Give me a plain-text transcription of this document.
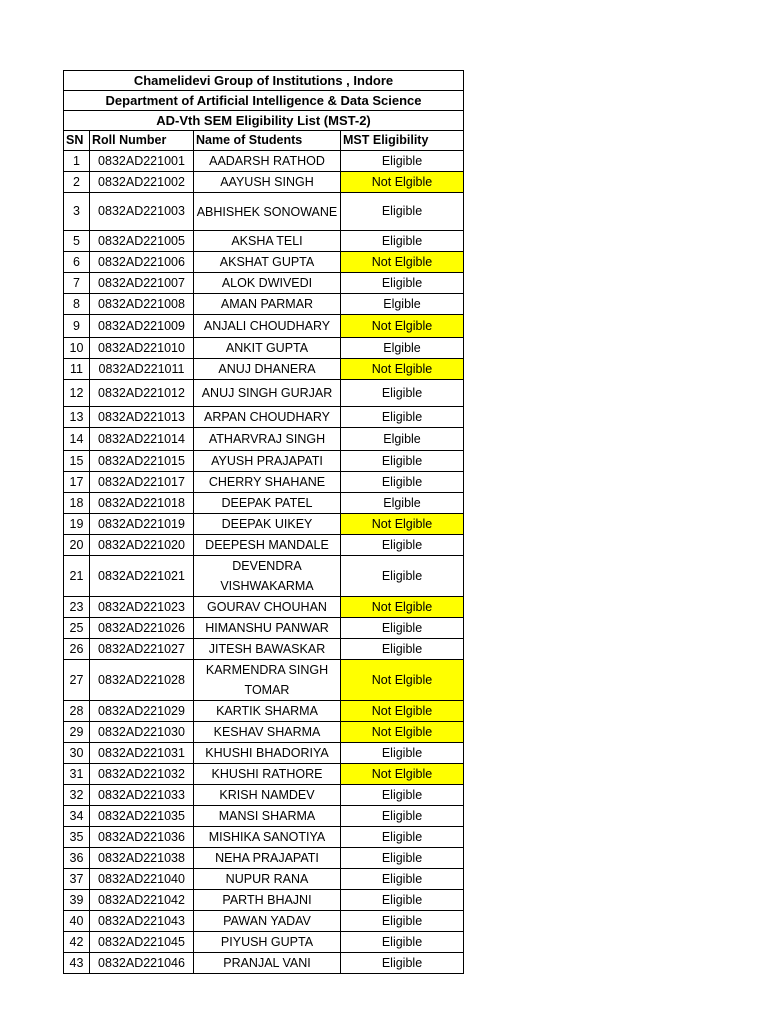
Chamelidevi Group of Institutions , Indore			
Department of Artificial Intelligence & Data Science			
AD-Vth SEM Eligibility List (MST-2)			
SN	Roll Number	Name of Students	MST Eligibility
1	0832AD221001	AADARSH RATHOD	Eligible
2	0832AD221002	AAYUSH SINGH	Not Elgible
3	0832AD221003	ABHISHEK SONOWANE	Eligible
5	0832AD221005	AKSHA TELI	Eligible
6	0832AD221006	AKSHAT GUPTA	Not Elgible
7	0832AD221007	ALOK DWIVEDI	Eligible
8	0832AD221008	AMAN PARMAR	Elgible
9	0832AD221009	ANJALI CHOUDHARY	Not Elgible
10	0832AD221010	ANKIT GUPTA	Elgible
11	0832AD221011	ANUJ DHANERA	Not Elgible
12	0832AD221012	ANUJ SINGH GURJAR	Eligible
13	0832AD221013	ARPAN CHOUDHARY	Eligible
14	0832AD221014	ATHARVRAJ SINGH	Elgible
15	0832AD221015	AYUSH PRAJAPATI	Eligible
17	0832AD221017	CHERRY SHAHANE	Eligible
18	0832AD221018	DEEPAK PATEL	Elgible
19	0832AD221019	DEEPAK UIKEY	Not Elgible
20	0832AD221020	DEEPESH MANDALE	Eligible
21	0832AD221021	DEVENDRA VISHWAKARMA	Eligible
23	0832AD221023	GOURAV CHOUHAN	Not Elgible
25	0832AD221026	HIMANSHU PANWAR	Eligible
26	0832AD221027	JITESH BAWASKAR	Eligible
27	0832AD221028	KARMENDRA SINGH TOMAR	Not Elgible
28	0832AD221029	KARTIK SHARMA	Not Elgible
29	0832AD221030	KESHAV SHARMA	Not Elgible
30	0832AD221031	KHUSHI BHADORIYA	Eligible
31	0832AD221032	KHUSHI RATHORE	Not Elgible
32	0832AD221033	KRISH NAMDEV	Eligible
34	0832AD221035	MANSI SHARMA	Eligible
35	0832AD221036	MISHIKA SANOTIYA	Eligible
36	0832AD221038	NEHA PRAJAPATI	Eligible
37	0832AD221040	NUPUR RANA	Eligible
39	0832AD221042	PARTH BHAJNI	Eligible
40	0832AD221043	PAWAN YADAV	Eligible
42	0832AD221045	PIYUSH GUPTA	Eligible
43	0832AD221046	PRANJAL VANI	Eligible
